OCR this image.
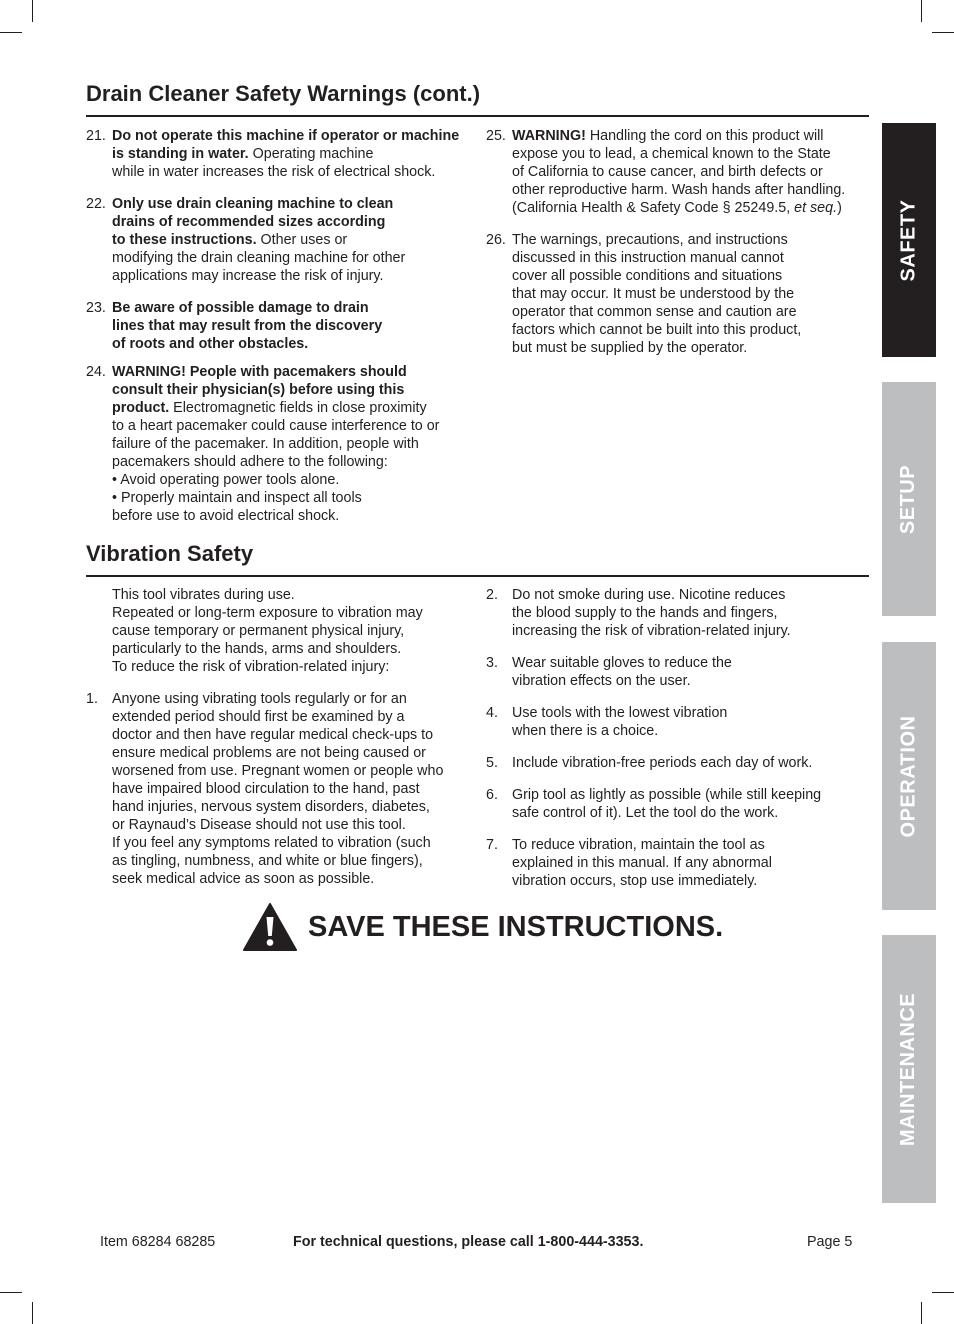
Drain Cleaner Safety Warnings (cont.)
21. Do not operate this machine if operator or machine is standing in water. Operating machine
while in water increases the risk of electrical shock.
22. Only use drain cleaning machine to clean
drains of recommended sizes according
to these instructions. Other uses or
modifying the drain cleaning machine for other
applications may increase the risk of injury.
23. Be aware of possible damage to drain
lines that may result from the discovery
of roots and other obstacles.
24. WARNING! People with pacemakers should
consult their physician(s) before using this
product. Electromagnetic fields in close proximity
to a heart pacemaker could cause interference to or
failure of the pacemaker. In addition, people with
pacemakers should adhere to the following:
• Avoid operating power tools alone.
• Properly maintain and inspect all tools
before use to avoid electrical shock.
25. WARNING! Handling the cord on this product will
expose you to lead, a chemical known to the State
of California to cause cancer, and birth defects or
other reproductive harm. Wash hands after handling.
(California Health & Safety Code § 25249.5, et seq.)
26. The warnings, precautions, and instructions
discussed in this instruction manual cannot
cover all possible conditions and situations
that may occur. It must be understood by the
operator that common sense and caution are
factors which cannot be built into this product,
but must be supplied by the operator.
Vibration Safety
This tool vibrates during use.
Repeated or long-term exposure to vibration may
cause temporary or permanent physical injury,
particularly to the hands, arms and shoulders.
To reduce the risk of vibration-related injury:
1. Anyone using vibrating tools regularly or for an
extended period should first be examined by a
doctor and then have regular medical check-ups to
ensure medical problems are not being caused or
worsened from use. Pregnant women or people who
have impaired blood circulation to the hand, past
hand injuries, nervous system disorders, diabetes,
or Raynaud’s Disease should not use this tool.
If you feel any symptoms related to vibration (such
as tingling, numbness, and white or blue fingers),
seek medical advice as soon as possible.
2. Do not smoke during use. Nicotine reduces
the blood supply to the hands and fingers,
increasing the risk of vibration-related injury.
3. Wear suitable gloves to reduce the
vibration effects on the user.
4. Use tools with the lowest vibration
when there is a choice.
5. Include vibration-free periods each day of work.
6. Grip tool as lightly as possible (while still keeping
safe control of it). Let the tool do the work.
7. To reduce vibration, maintain the tool as
explained in this manual. If any abnormal
vibration occurs, stop use immediately.
SAVE THESE INSTRUCTIONS.
SAFETY
SETUP
OPERATION
MAINTENANCE
Item 68284 68285	For technical questions, please call 1-800-444-3353.	Page 5
